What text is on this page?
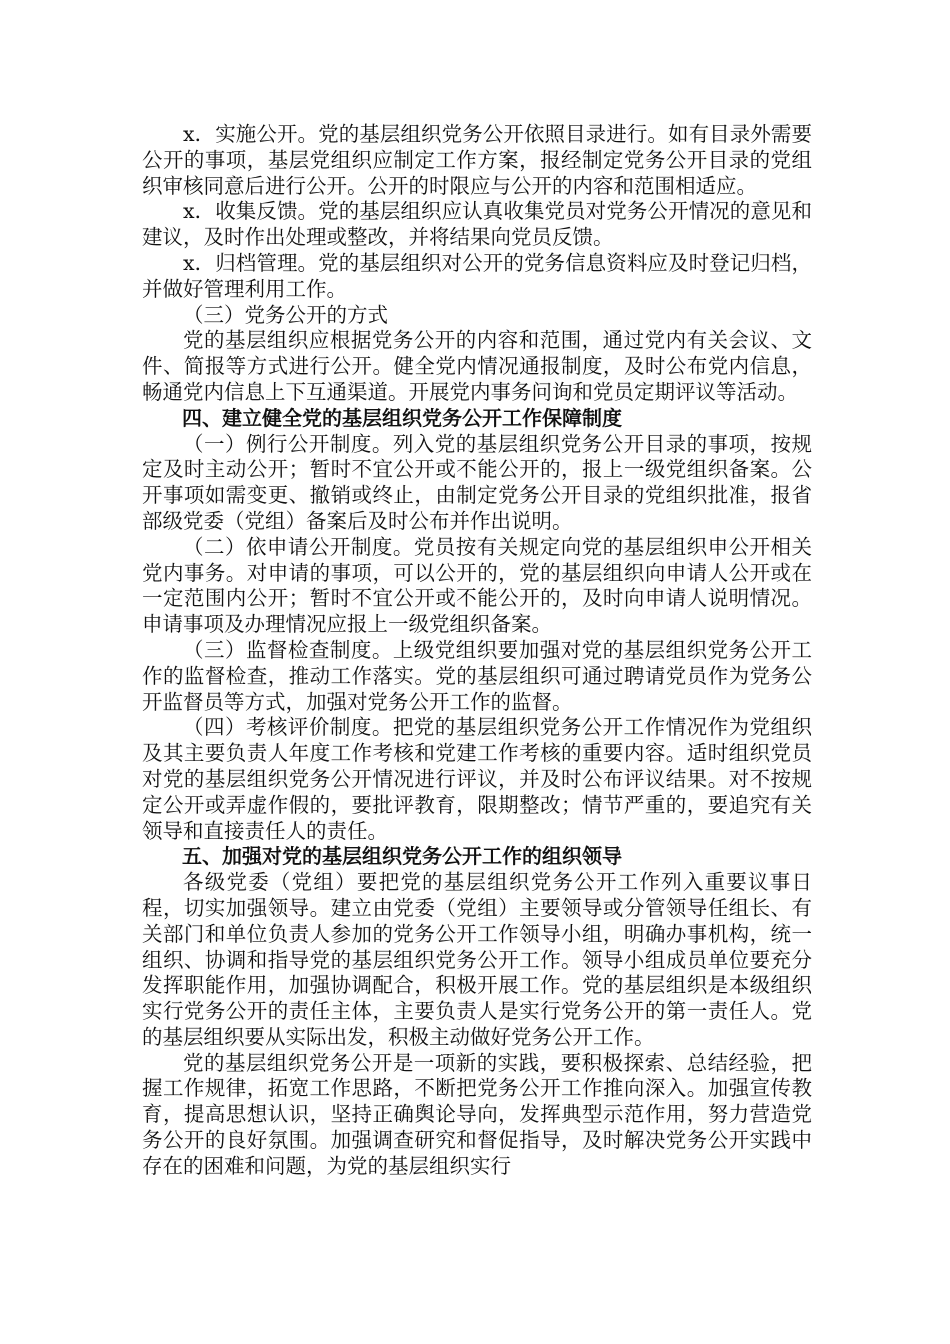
x．实施公开。党的基层组织党务公开依照目录进行。如有目录外需要公开的事项，基层党组织应制定工作方案，报经制定党务公开目录的党组织审核同意后进行公开。公开的时限应与公开的内容和范围相适应。

x．收集反馈。党的基层组织应认真收集党员对党务公开情况的意见和建议，及时作出处理或整改，并将结果向党员反馈。

x．归档管理。党的基层组织对公开的党务信息资料应及时登记归档，并做好管理利用工作。

（三）党务公开的方式

党的基层组织应根据党务公开的内容和范围，通过党内有关会议、文件、简报等方式进行公开。健全党内情况通报制度，及时公布党内信息，畅通党内信息上下互通渠道。开展党内事务问询和党员定期评议等活动。

四、建立健全党的基层组织党务公开工作保障制度

（一）例行公开制度。列入党的基层组织党务公开目录的事项，按规定及时主动公开；暂时不宜公开或不能公开的，报上一级党组织备案。公开事项如需变更、撤销或终止，由制定党务公开目录的党组织批准，报省部级党委（党组）备案后及时公布并作出说明。

（二）依申请公开制度。党员按有关规定向党的基层组织申公开相关党内事务。对申请的事项，可以公开的，党的基层组织向申请人公开或在一定范围内公开；暂时不宜公开或不能公开的，及时向申请人说明情况。申请事项及办理情况应报上一级党组织备案。

（三）监督检查制度。上级党组织要加强对党的基层组织党务公开工作的监督检查，推动工作落实。党的基层组织可通过聘请党员作为党务公开监督员等方式，加强对党务公开工作的监督。

（四）考核评价制度。把党的基层组织党务公开工作情况作为党组织及其主要负责人年度工作考核和党建工作考核的重要内容。适时组织党员对党的基层组织党务公开情况进行评议，并及时公布评议结果。对不按规定公开或弄虚作假的，要批评教育，限期整改；情节严重的，要追究有关领导和直接责任人的责任。

五、加强对党的基层组织党务公开工作的组织领导

各级党委（党组）要把党的基层组织党务公开工作列入重要议事日程，切实加强领导。建立由党委（党组）主要领导或分管领导任组长、有关部门和单位负责人参加的党务公开工作领导小组，明确办事机构，统一组织、协调和指导党的基层组织党务公开工作。领导小组成员单位要充分发挥职能作用，加强协调配合，积极开展工作。党的基层组织是本级组织实行党务公开的责任主体，主要负责人是实行党务公开的第一责任人。党的基层组织要从实际出发，积极主动做好党务公开工作。

党的基层组织党务公开是一项新的实践，要积极探索、总结经验，把握工作规律，拓宽工作思路，不断把党务公开工作推向深入。加强宣传教育，提高思想认识，坚持正确舆论导向，发挥典型示范作用，努力营造党务公开的良好氛围。加强调查研究和督促指导，及时解决党务公开实践中存在的困难和问题，为党的基层组织实行
